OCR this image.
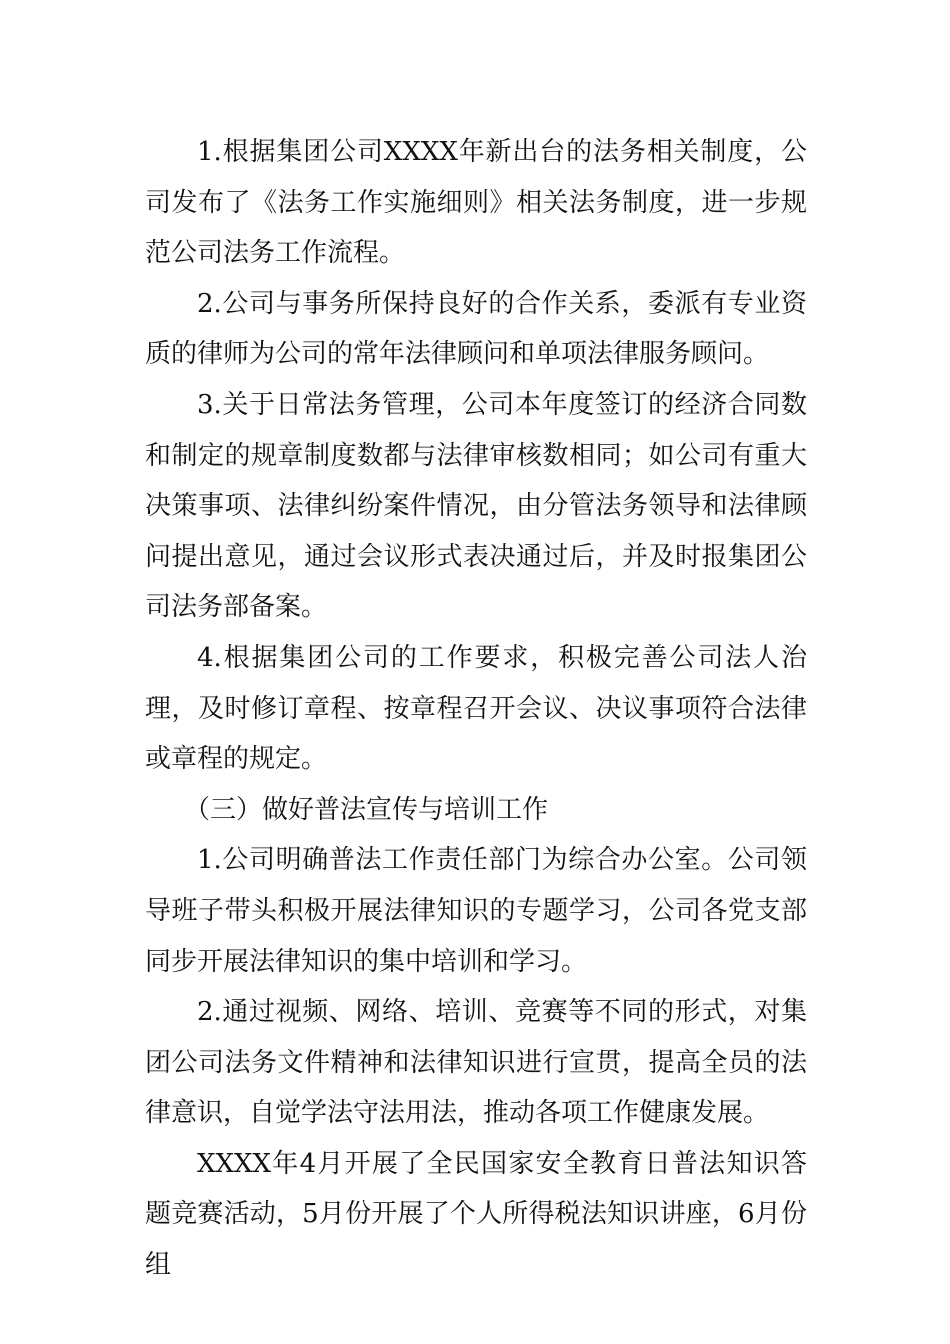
1.根据集团公司XXXX年新出台的法务相关制度，公司发布了《法务工作实施细则》相关法务制度，进一步规范公司法务工作流程。

2.公司与事务所保持良好的合作关系，委派有专业资质的律师为公司的常年法律顾问和单项法律服务顾问。

3.关于日常法务管理，公司本年度签订的经济合同数和制定的规章制度数都与法律审核数相同；如公司有重大决策事项、法律纠纷案件情况，由分管法务领导和法律顾问提出意见，通过会议形式表决通过后，并及时报集团公司法务部备案。

4.根据集团公司的工作要求，积极完善公司法人治理，及时修订章程、按章程召开会议、决议事项符合法律或章程的规定。

（三）做好普法宣传与培训工作

1.公司明确普法工作责任部门为综合办公室。公司领导班子带头积极开展法律知识的专题学习，公司各党支部同步开展法律知识的集中培训和学习。

2.通过视频、网络、培训、竞赛等不同的形式，对集团公司法务文件精神和法律知识进行宣贯，提高全员的法律意识，自觉学法守法用法，推动各项工作健康发展。

XXXX年4月开展了全民国家安全教育日普法知识答题竞赛活动，5月份开展了个人所得税法知识讲座，6月份组
